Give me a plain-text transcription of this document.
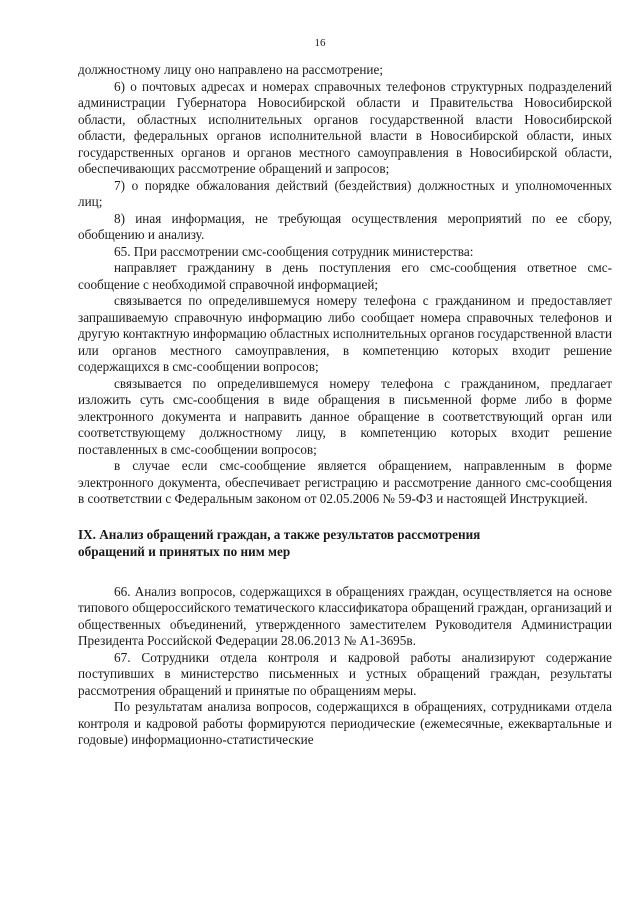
16

должностному лицу оно направлено на рассмотрение;

6) о почтовых адресах и номерах справочных телефонов структурных подразделений администрации Губернатора Новосибирской области и Правительства Новосибирской области, областных исполнительных органов государственной власти Новосибирской области, федеральных органов исполнительной власти в Новосибирской области, иных государственных органов и органов местного самоуправления в Новосибирской области, обеспечивающих рассмотрение обращений и запросов;

7) о порядке обжалования действий (бездействия) должностных и уполномоченных лиц;

8) иная информация, не требующая осуществления мероприятий по ее сбору, обобщению и анализу.

65. При рассмотрении смс-сообщения сотрудник министерства:

направляет гражданину в день поступления его смс-сообщения ответное смс-сообщение с необходимой справочной информацией;

связывается по определившемуся номеру телефона с гражданином и предоставляет запрашиваемую справочную информацию либо сообщает номера справочных телефонов и другую контактную информацию областных исполнительных органов государственной власти или органов местного самоуправления, в компетенцию которых входит решение содержащихся в смс-сообщении вопросов;

связывается по определившемуся номеру телефона с гражданином, предлагает изложить суть смс-сообщения в виде обращения в письменной форме либо в форме электронного документа и направить данное обращение в соответствующий орган или соответствующему должностному лицу, в компетенцию которых входит решение поставленных в смс-сообщении вопросов;

в случае если смс-сообщение является обращением, направленным в форме электронного документа, обеспечивает регистрацию и рассмотрение данного смс-сообщения в соответствии с Федеральным законом от 02.05.2006 № 59-ФЗ и настоящей Инструкцией.

IX. Анализ обращений граждан, а также результатов рассмотрения
обращений и принятых по ним мер

66. Анализ вопросов, содержащихся в обращениях граждан, осуществляется на основе типового общероссийского тематического классификатора обращений граждан, организаций и общественных объединений, утвержденного заместителем Руководителя Администрации Президента Российской Федерации 28.06.2013 № А1-3695в.

67. Сотрудники отдела контроля и кадровой работы анализируют содержание поступивших в министерство письменных и устных обращений граждан, результаты рассмотрения обращений и принятые по обращениям меры.

По результатам анализа вопросов, содержащихся в обращениях, сотрудниками отдела контроля и кадровой работы формируются периодические (ежемесячные, ежеквартальные и годовые) информационно-статистические
